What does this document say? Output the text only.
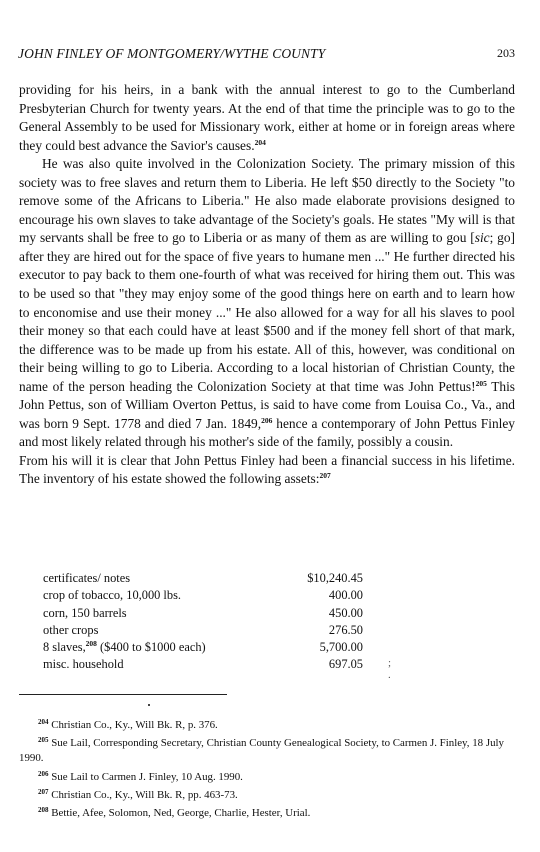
JOHN FINLEY OF MONTGOMERY/WYTHE COUNTY	203

providing for his heirs, in a bank with the annual interest to go to the Cumberland Presbyterian Church for twenty years. At the end of that time the principle was to go to the General Assembly to be used for Missionary work, either at home or in foreign areas where they could best advance the Savior's causes.$^{204}$

He was also quite involved in the Colonization Society. The primary mission of this society was to free slaves and return them to Liberia. He left $50 directly to the Society "to remove some of the Africans to Liberia." He also made elaborate provisions designed to encourage his own slaves to take advantage of the Society's goals. He states "My will is that my servants shall be free to go to Liberia or as many of them as are willing to gou [sic; go] after they are hired out for the space of five years to humane men ..." He further directed his executor to pay back to them one-fourth of what was received for hiring them out. This was to be used so that "they may enjoy some of the good things here on earth and to learn how to enconomise and use their money ..." He also allowed for a way for all his slaves to pool their money so that each could have at least $500 and if the money fell short of that mark, the difference was to be made up from his estate. All of this, however, was conditional on their being willing to go to Liberia. According to a local historian of Christian County, the name of the person heading the Colonization Society at that time was John Pettus!$^{205}$ This John Pettus, son of William Overton Pettus, is said to have come from Louisa Co., Va., and was born 9 Sept. 1778 and died 7 Jan. 1849,$^{206}$ hence a contemporary of John Pettus Finley and most likely related through his mother's side of the family, possibly a cousin.

From his will it is clear that John Pettus Finley had been a financial success in his lifetime. The inventory of his estate showed the following assets:$^{207}$

certificates/ notes	$10,240.45
crop of tobacco, 10,000 lbs.	400.00
corn, 150 barrels	450.00
other crops	276.50
8 slaves,$^{208}$ ($400 to $1000 each)	5,700.00
misc. household	697.05 ; .

$^{204}$ Christian Co., Ky., Will Bk. R, p. 376.

$^{205}$ Sue Lail, Corresponding Secretary, Christian County Genealogical Society, to Carmen J. Finley, 18 July 1990.

$^{206}$ Sue Lail to Carmen J. Finley, 10 Aug. 1990.

$^{207}$ Christian Co., Ky., Will Bk. R, pp. 463-73.

$^{208}$ Bettie, Afee, Solomon, Ned, George, Charlie, Hester, Urial.
